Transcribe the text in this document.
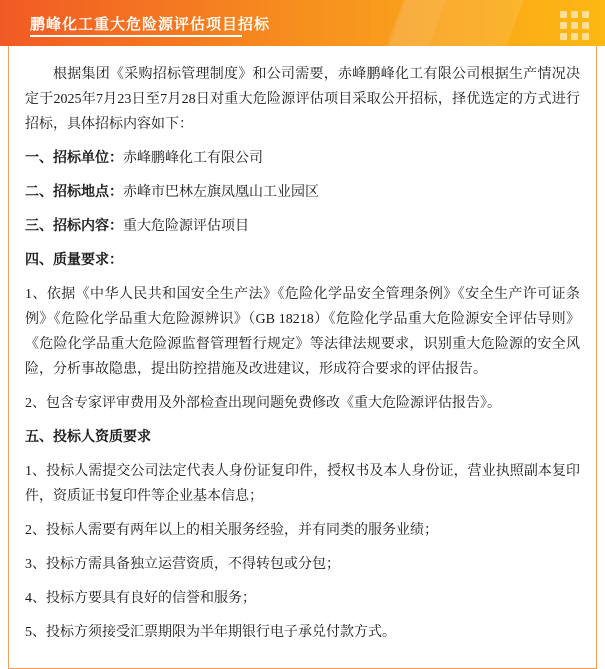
鹏峰化工重大危险源评估项目招标

根据集团《采购招标管理制度》和公司需要，赤峰鹏峰化工有限公司根据生产情况决定于2025年7月23日至7月28日对重大危险源评估项目采取公开招标，择优选定的方式进行招标，具体招标内容如下：

一、招标单位：赤峰鹏峰化工有限公司

二、招标地点：赤峰市巴林左旗凤凰山工业园区

三、招标内容：重大危险源评估项目

四、质量要求：

1、依据《中华人民共和国安全生产法》《危险化学品安全管理条例》《安全生产许可证条例》《危险化学品重大危险源辨识》（GB 18218）《危险化学品重大危险源安全评估导则》《危险化学品重大危险源监督管理暂行规定》等法律法规要求，识别重大危险源的安全风险，分析事故隐患，提出防控措施及改进建议，形成符合要求的评估报告。

2、包含专家评审费用及外部检查出现问题免费修改《重大危险源评估报告》。

五、投标人资质要求

1、投标人需提交公司法定代表人身份证复印件，授权书及本人身份证，营业执照副本复印件，资质证书复印件等企业基本信息；

2、投标人需要有两年以上的相关服务经验，并有同类的服务业绩；

3、投标方需具备独立运营资质，不得转包或分包；

4、投标方要具有良好的信誉和服务；

5、投标方须接受汇票期限为半年期银行电子承兑付款方式。
